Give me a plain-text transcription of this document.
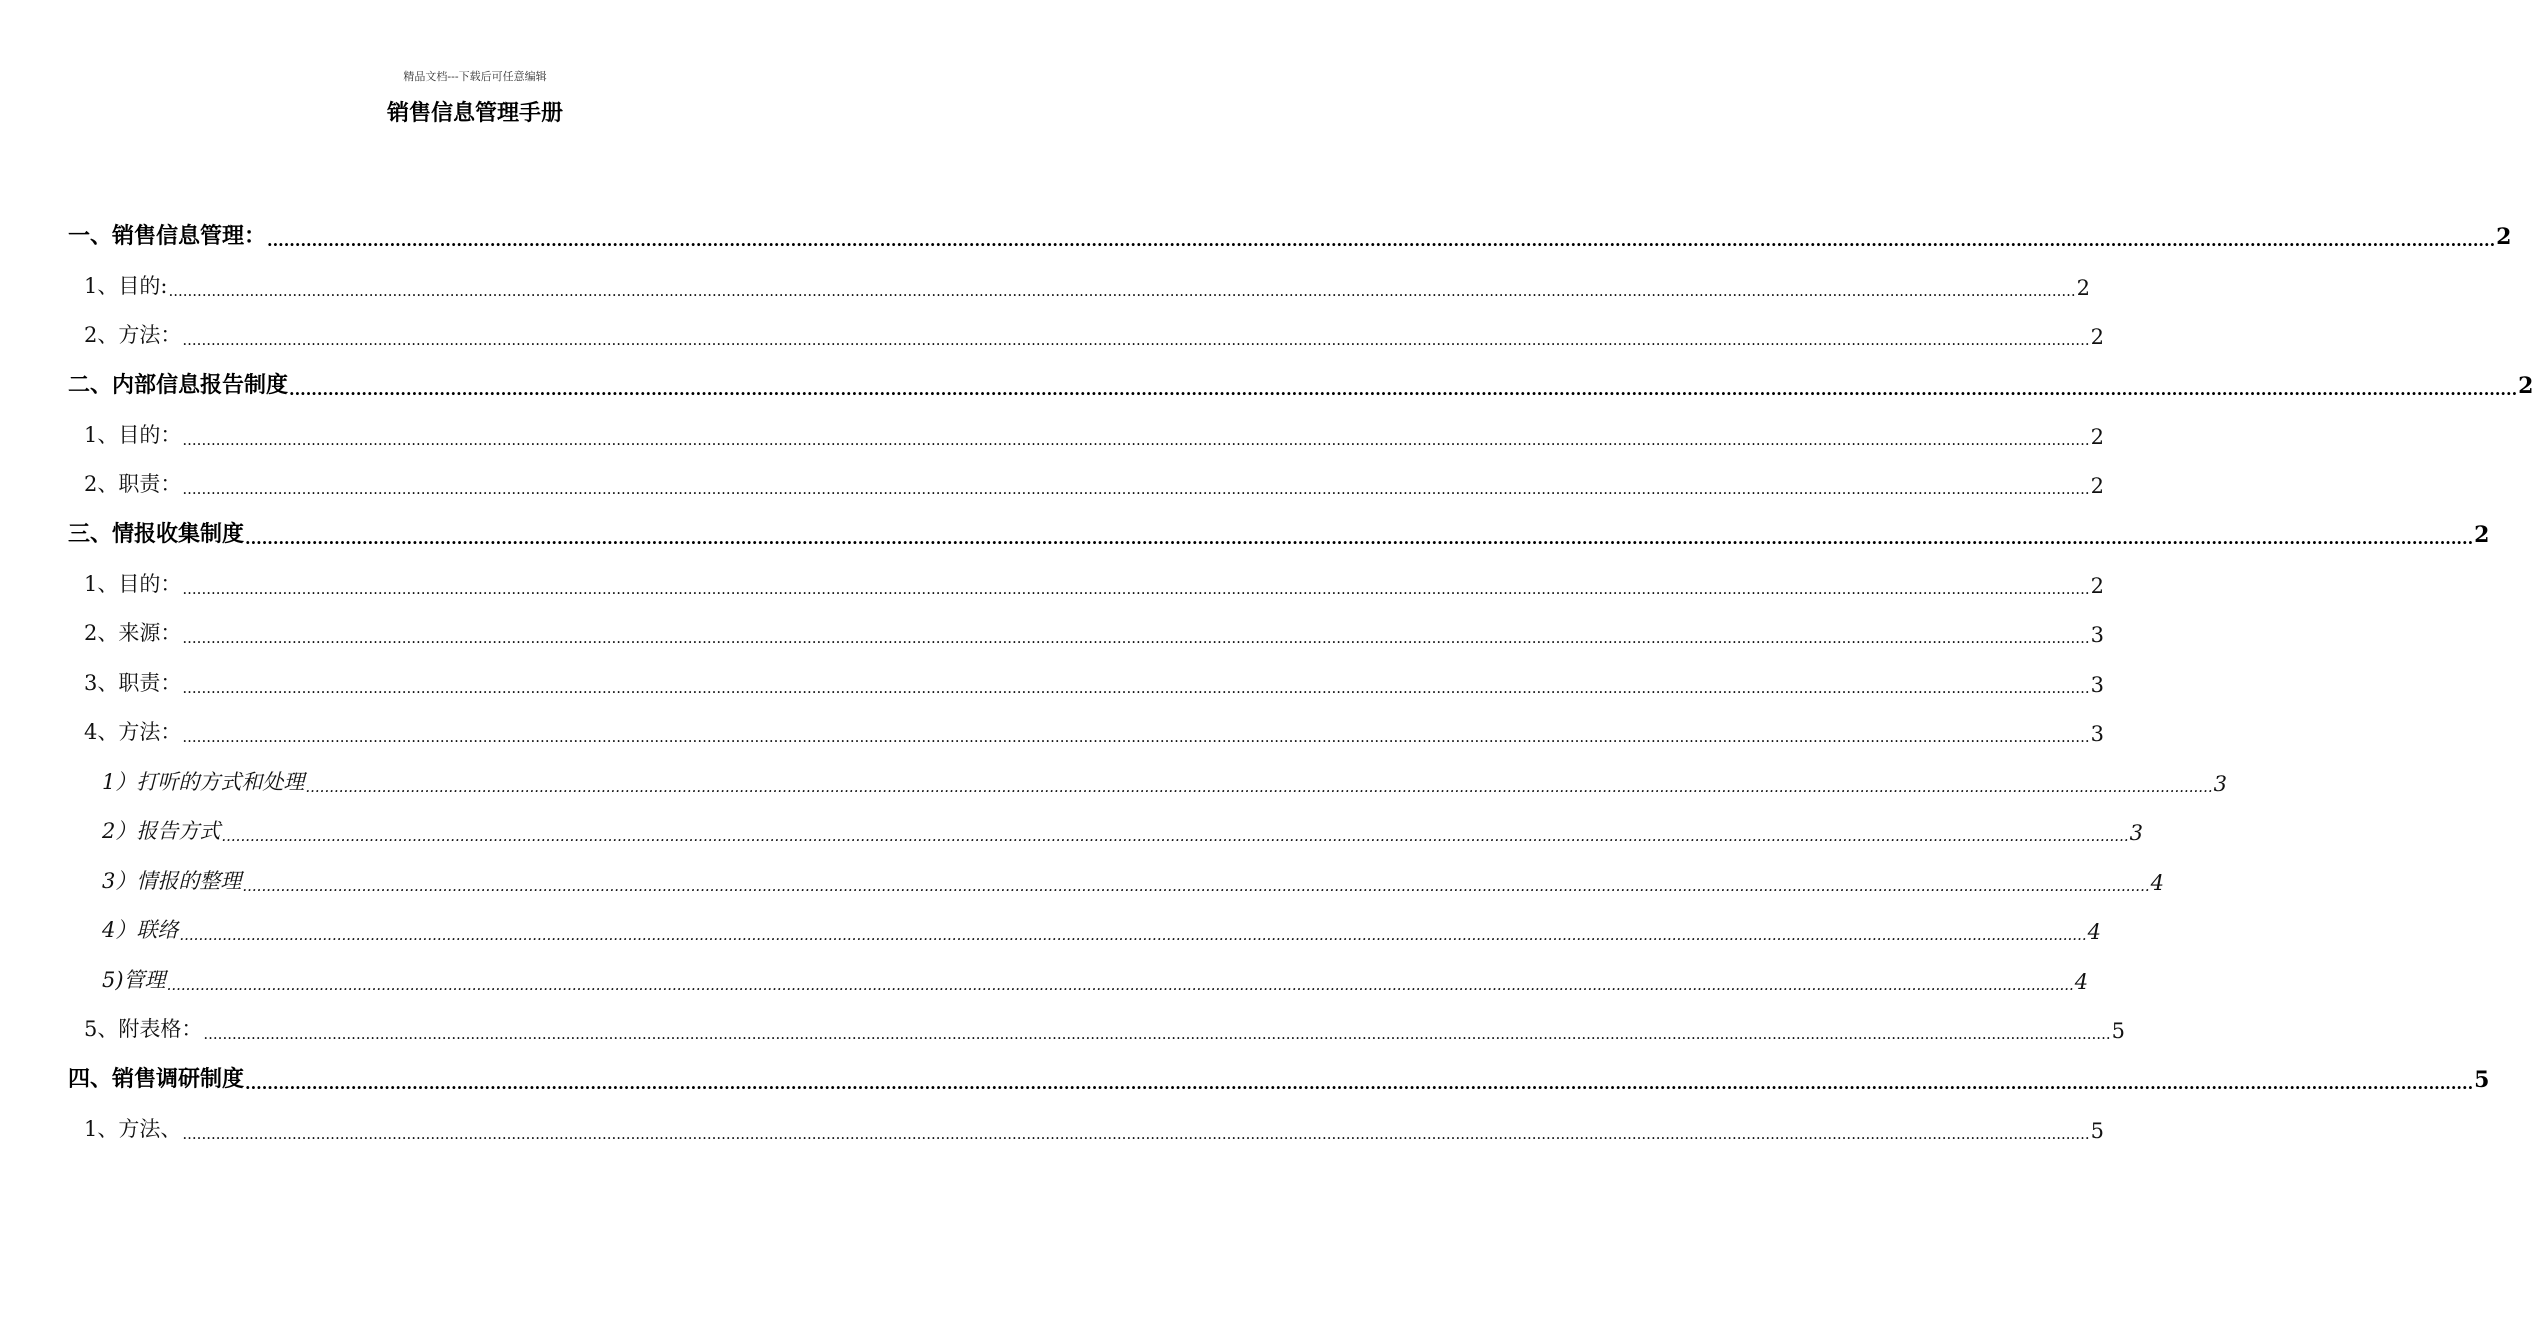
精品文档---下载后可任意编辑
销售信息管理手册
一、销售信息管理： ................................................................................................................................................................................................................................................................................................................................................................................................................ 2
1、目的: ................................................................................................................................................................................................................................................................................................................................................................................................................ 2
2、方法： ................................................................................................................................................................................................................................................................................................................................................................................................................ 2
二、内部信息报告制度 ................................................................................................................................................................................................................................................................................................................................................................................................................ 2
1、目的： ................................................................................................................................................................................................................................................................................................................................................................................................................ 2
2、职责： ................................................................................................................................................................................................................................................................................................................................................................................................................ 2
三、情报收集制度 ................................................................................................................................................................................................................................................................................................................................................................................................................ 2
1、目的： ................................................................................................................................................................................................................................................................................................................................................................................................................ 2
2、来源： ................................................................................................................................................................................................................................................................................................................................................................................................................ 3
3、职责： ................................................................................................................................................................................................................................................................................................................................................................................................................ 3
4、方法： ................................................................................................................................................................................................................................................................................................................................................................................................................ 3
1）打听的方式和处理 ................................................................................................................................................................................................................................................................................................................................................................................................................ 3
2）报告方式 ................................................................................................................................................................................................................................................................................................................................................................................................................ 3
3）情报的整理 ................................................................................................................................................................................................................................................................................................................................................................................................................ 4
4）联络 ................................................................................................................................................................................................................................................................................................................................................................................................................ 4
5)管理 ................................................................................................................................................................................................................................................................................................................................................................................................................ 4
5、附表格： ................................................................................................................................................................................................................................................................................................................................................................................................................ 5
四、销售调研制度 ................................................................................................................................................................................................................................................................................................................................................................................................................ 5
1、方法、 ................................................................................................................................................................................................................................................................................................................................................................................................................ 5
